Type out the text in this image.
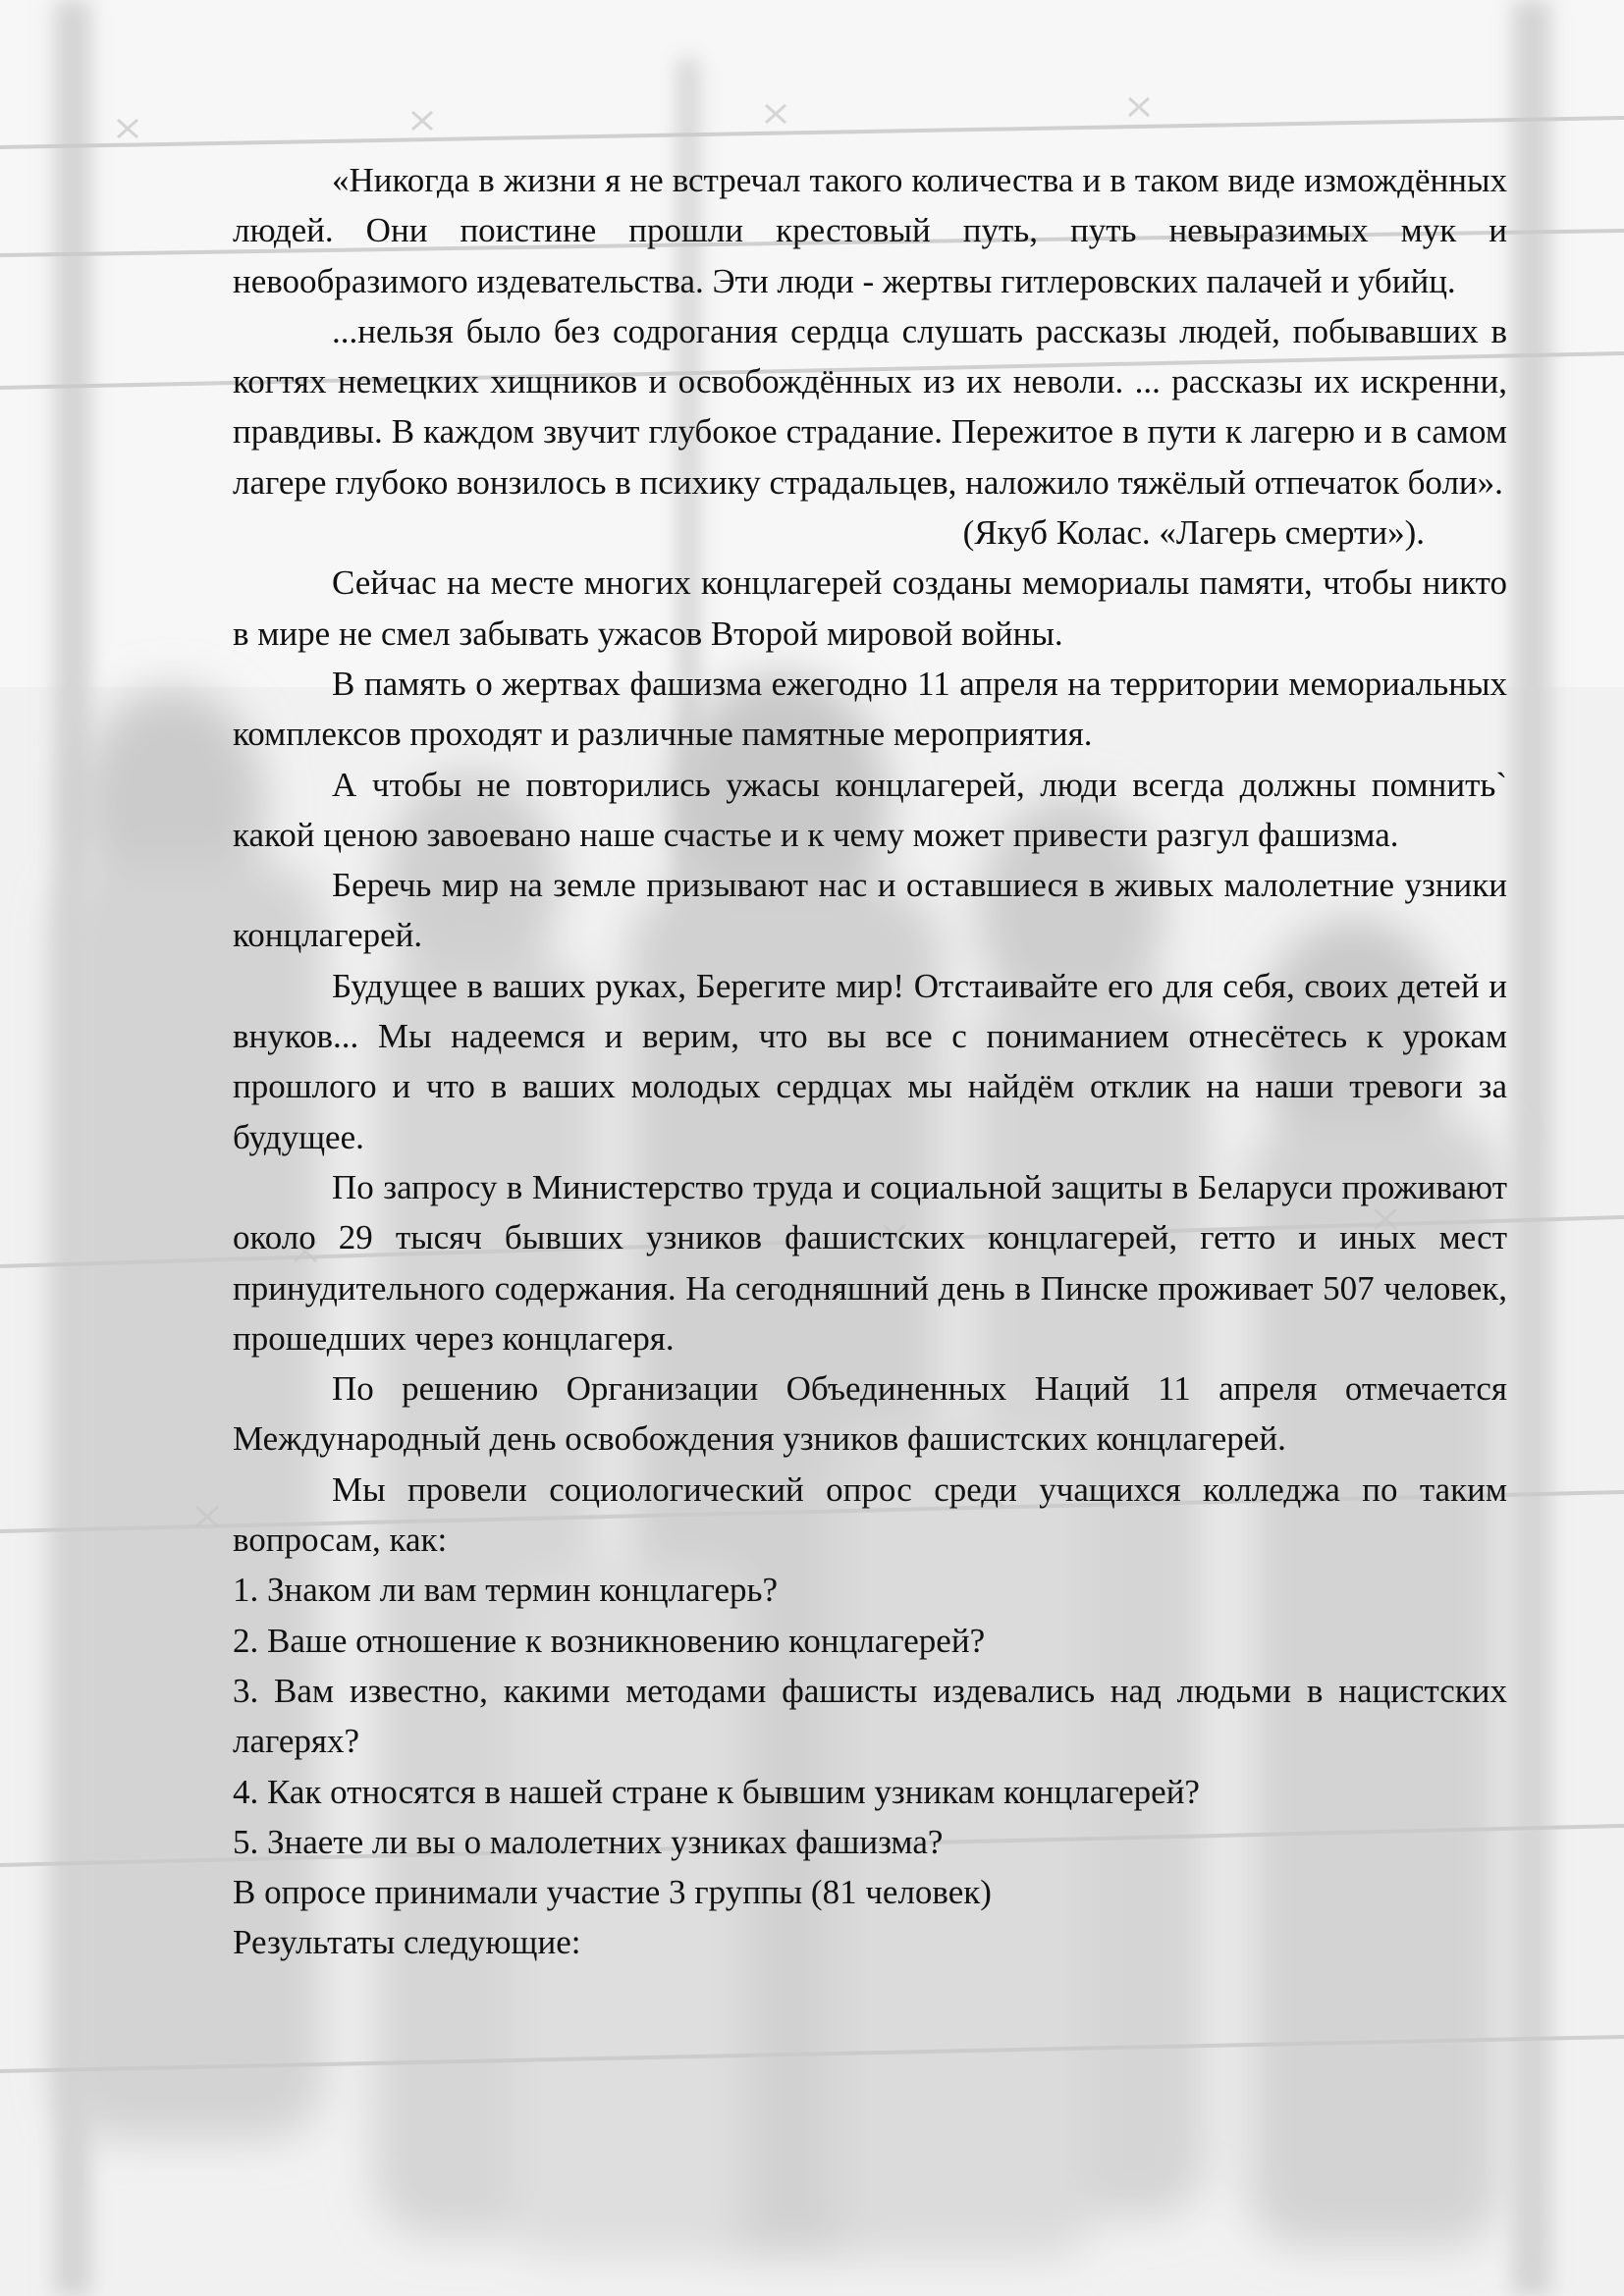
«Никогда в жизни я не встречал такого количества и в таком виде измождённых людей. Они поистине прошли крестовый путь, путь невыразимых мук и невообразимого издевательства. Эти люди - жертвы гитлеровских палачей и убийц.

...нельзя было без содрогания сердца слушать рассказы людей, побывавших в когтях немецких хищников и освобождённых из их неволи. ... рассказы их искренни, правдивы. В каждом звучит глубокое страдание. Пережитое в пути к лагерю и в самом лагере глубоко вонзилось в психику страдальцев, наложило тяжёлый отпечаток боли».

(Якуб Колас. «Лагерь смерти»).

Сейчас на месте многих концлагерей созданы мемориалы памяти, чтобы никто в мире не смел забывать ужасов Второй мировой войны.

В память о жертвах фашизма ежегодно 11 апреля на территории мемориальных комплексов проходят и различные памятные мероприятия.

А чтобы не повторились ужасы концлагерей, люди всегда должны помнить` какой ценою завоевано наше счастье и к чему может привести разгул фашизма.

Беречь мир на земле призывают нас и оставшиеся в живых малолетние узники концлагерей.

Будущее в ваших руках, Берегите мир! Отстаивайте его для себя, своих детей и внуков... Мы надеемся и верим, что вы все с пониманием отнесётесь к урокам прошлого и что в ваших молодых сердцах мы найдём отклик на наши тревоги за будущее.

По запросу в Министерство труда и социальной защиты в Беларуси проживают около 29 тысяч бывших узников фашистских концлагерей, гетто и иных мест принудительного содержания. На сегодняшний день в Пинске проживает 507 человек, прошедших через концлагеря.

По решению Организации Объединенных Наций 11 апреля отмечается Международный день освобождения узников фашистских концлагерей.

Мы провели социологический опрос среди учащихся колледжа по таким вопросам, как:

1. Знаком ли вам термин концлагерь?

2. Ваше отношение к возникновению концлагерей?

3. Вам известно, какими методами фашисты издевались над людьми в нацистских лагерях?

4. Как относятся в нашей стране к бывшим узникам концлагерей?

5. Знаете ли вы о малолетних узниках фашизма?

В опросе принимали участие 3 группы (81 человек)

Результаты следующие:
